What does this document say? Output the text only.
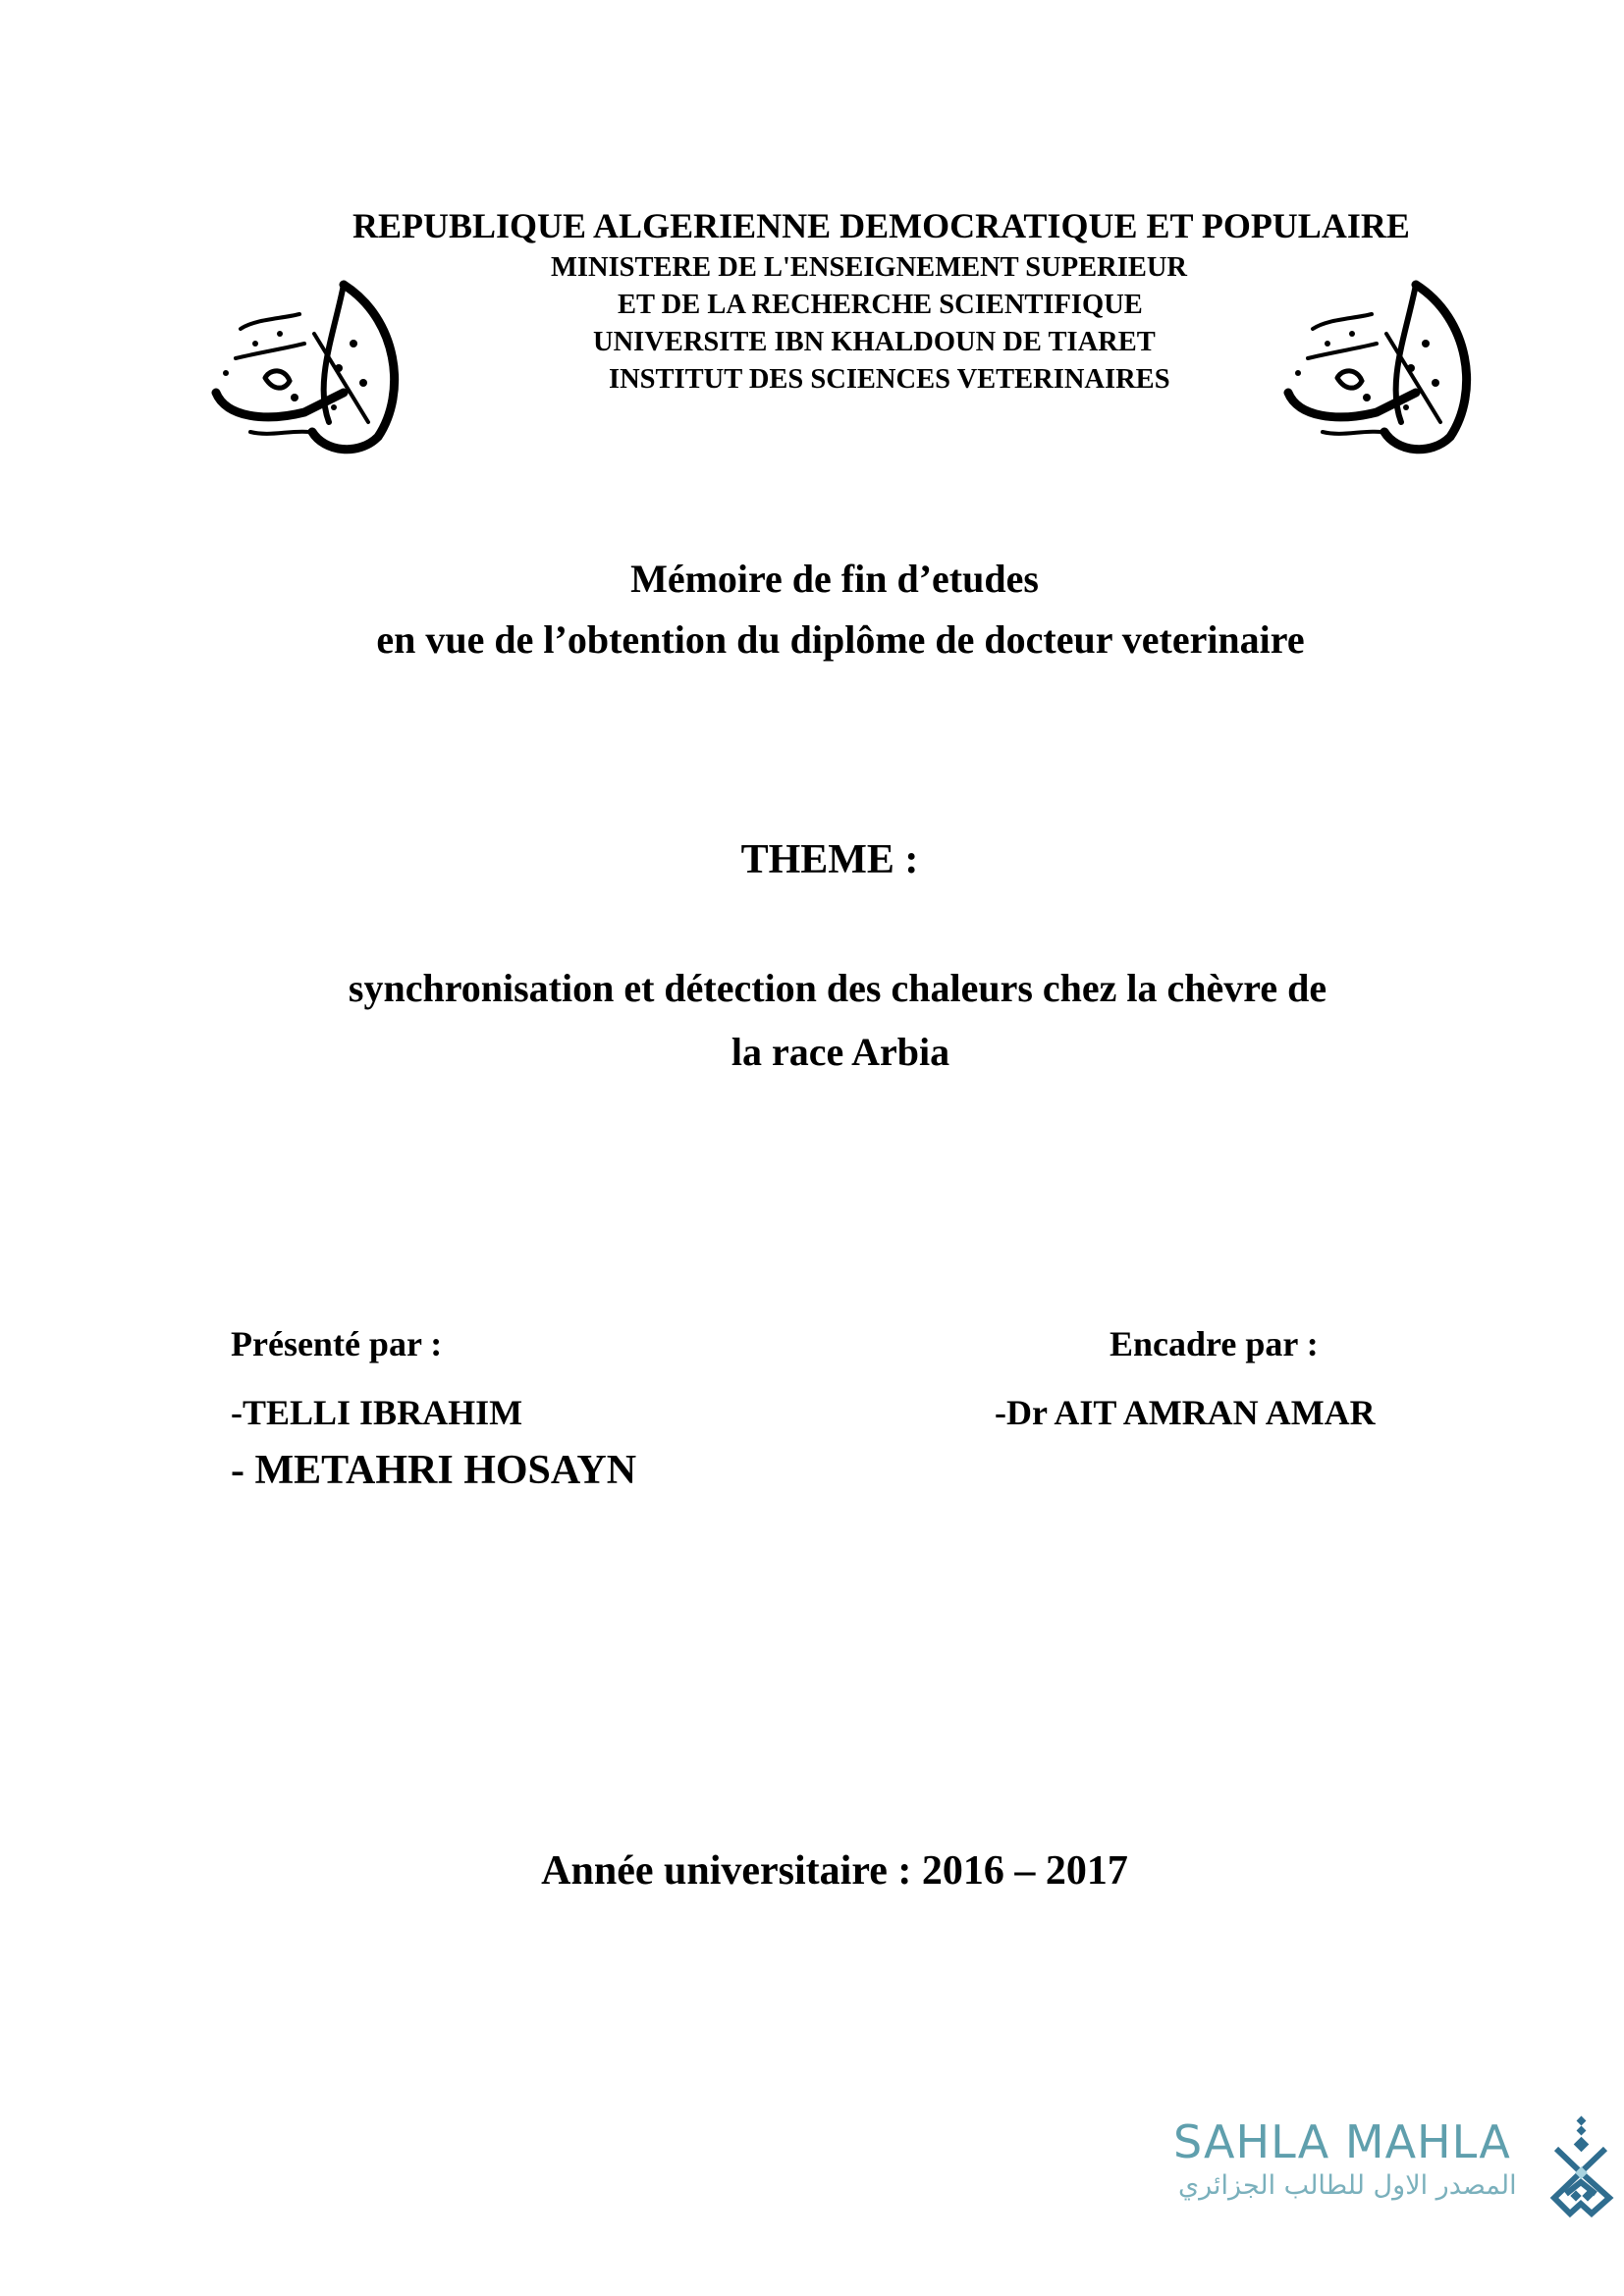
REPUBLIQUE ALGERIENNE DEMOCRATIQUE ET POPULAIRE
MINISTERE DE L'ENSEIGNEMENT SUPERIEUR
ET DE LA RECHERCHE SCIENTIFIQUE
UNIVERSITE IBN KHALDOUN DE TIARET
INSTITUT DES SCIENCES VETERINAIRES
Mémoire de fin d’etudes
en vue de l’obtention du diplôme de docteur veterinaire
THEME :
synchronisation et détection des chaleurs chez la chèvre de
la race Arbia
Présenté par :
-TELLI IBRAHIM
- METAHRI HOSAYN
Encadre par :
-Dr AIT AMRAN AMAR
Année universitaire : 2016 – 2017
SAHLA MAHLA
المصدر الاول للطالب الجزائري
